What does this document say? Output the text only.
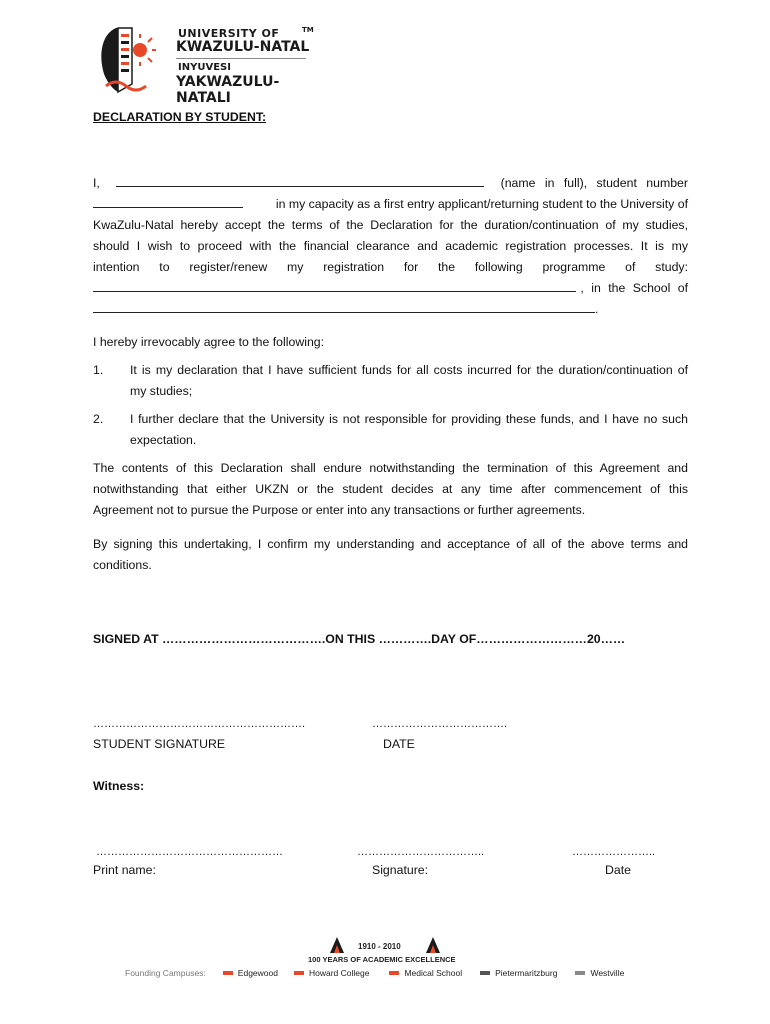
UNIVERSITY OF	TM
KWAZULU-NATAL
INYUVESI
YAKWAZULU-NATALI
DECLARATION BY STUDENT:
I,	(name in full), student number
in my capacity as a first entry applicant/returning student to the University of
KwaZulu-Natal hereby accept the terms of the Declaration for the duration/continuation of my studies,
should I wish to proceed with the financial clearance and academic registration processes. It is my
intention to register/renew my registration for the following programme of study:
, in the School of
.
I hereby irrevocably agree to the following:
1. It is my declaration that I have sufficient funds for all costs incurred for the duration/continuation of
my studies;
2. I further declare that the University is not responsible for providing these funds, and I have no such
expectation.
The contents of this Declaration shall endure notwithstanding the termination of this Agreement and
notwithstanding that either UKZN or the student decides at any time after commencement of this
Agreement not to pursue the Purpose or enter into any transactions or further agreements.
By signing this undertaking, I confirm my understanding and acceptance of all of the above terms and
conditions.
SIGNED AT ………………………………….ON THIS ………….DAY OF………………………20……
………………………………………………….	……………………………….
STUDENT SIGNATURE	DATE
Witness:
……………………………………………	……………………………..	…………………..
Print name:	Signature:	Date
1910 - 2010
100 YEARS OF ACADEMIC EXCELLENCE
Founding Campuses:	Edgewood	Howard College	Medical School	Pietermaritzburg	Westville
